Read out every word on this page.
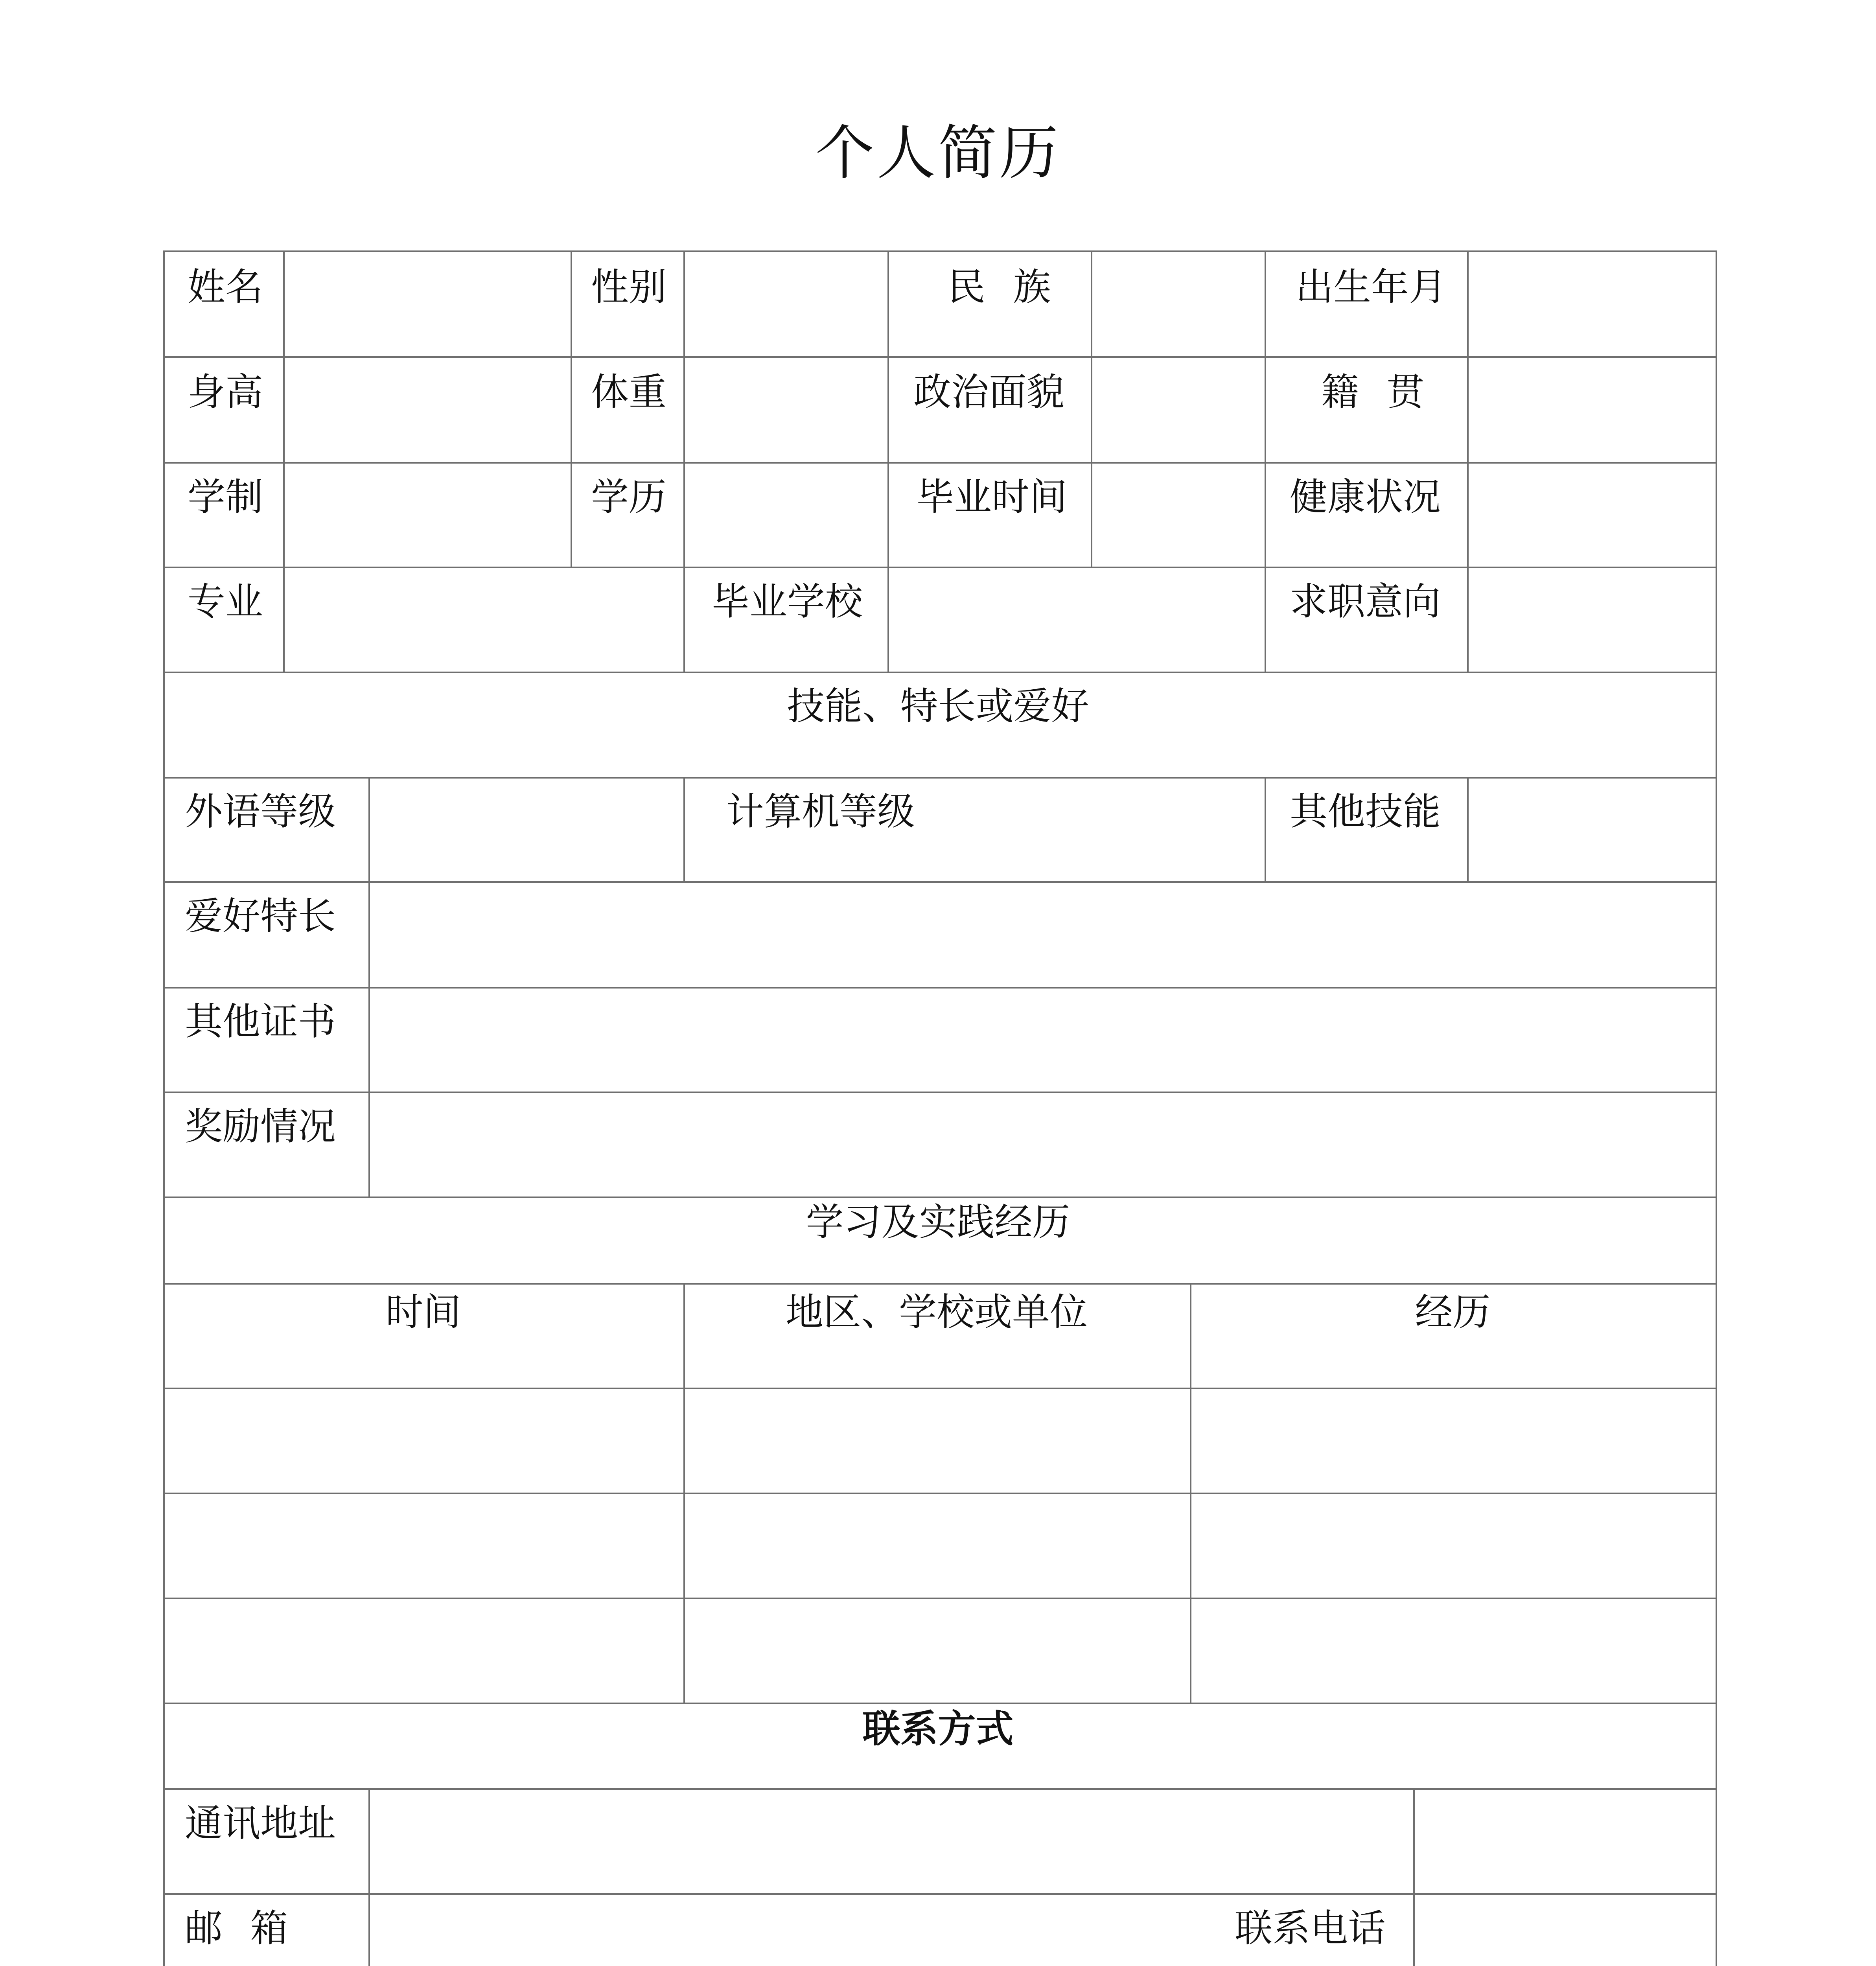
个人简历
姓名	性别	民 族	出生年月
身高	体重	政治面貌	籍 贯
学制	学历	毕业时间	健康状况
专业	毕业学校	求职意向
技能、特长或爱好
外语等级	计算机等级	其他技能
爱好特长
其他证书
奖励情况
学习及实践经历
时间	地区、学校或单位	经历
联系方式
通讯地址
邮 箱	联系电话
